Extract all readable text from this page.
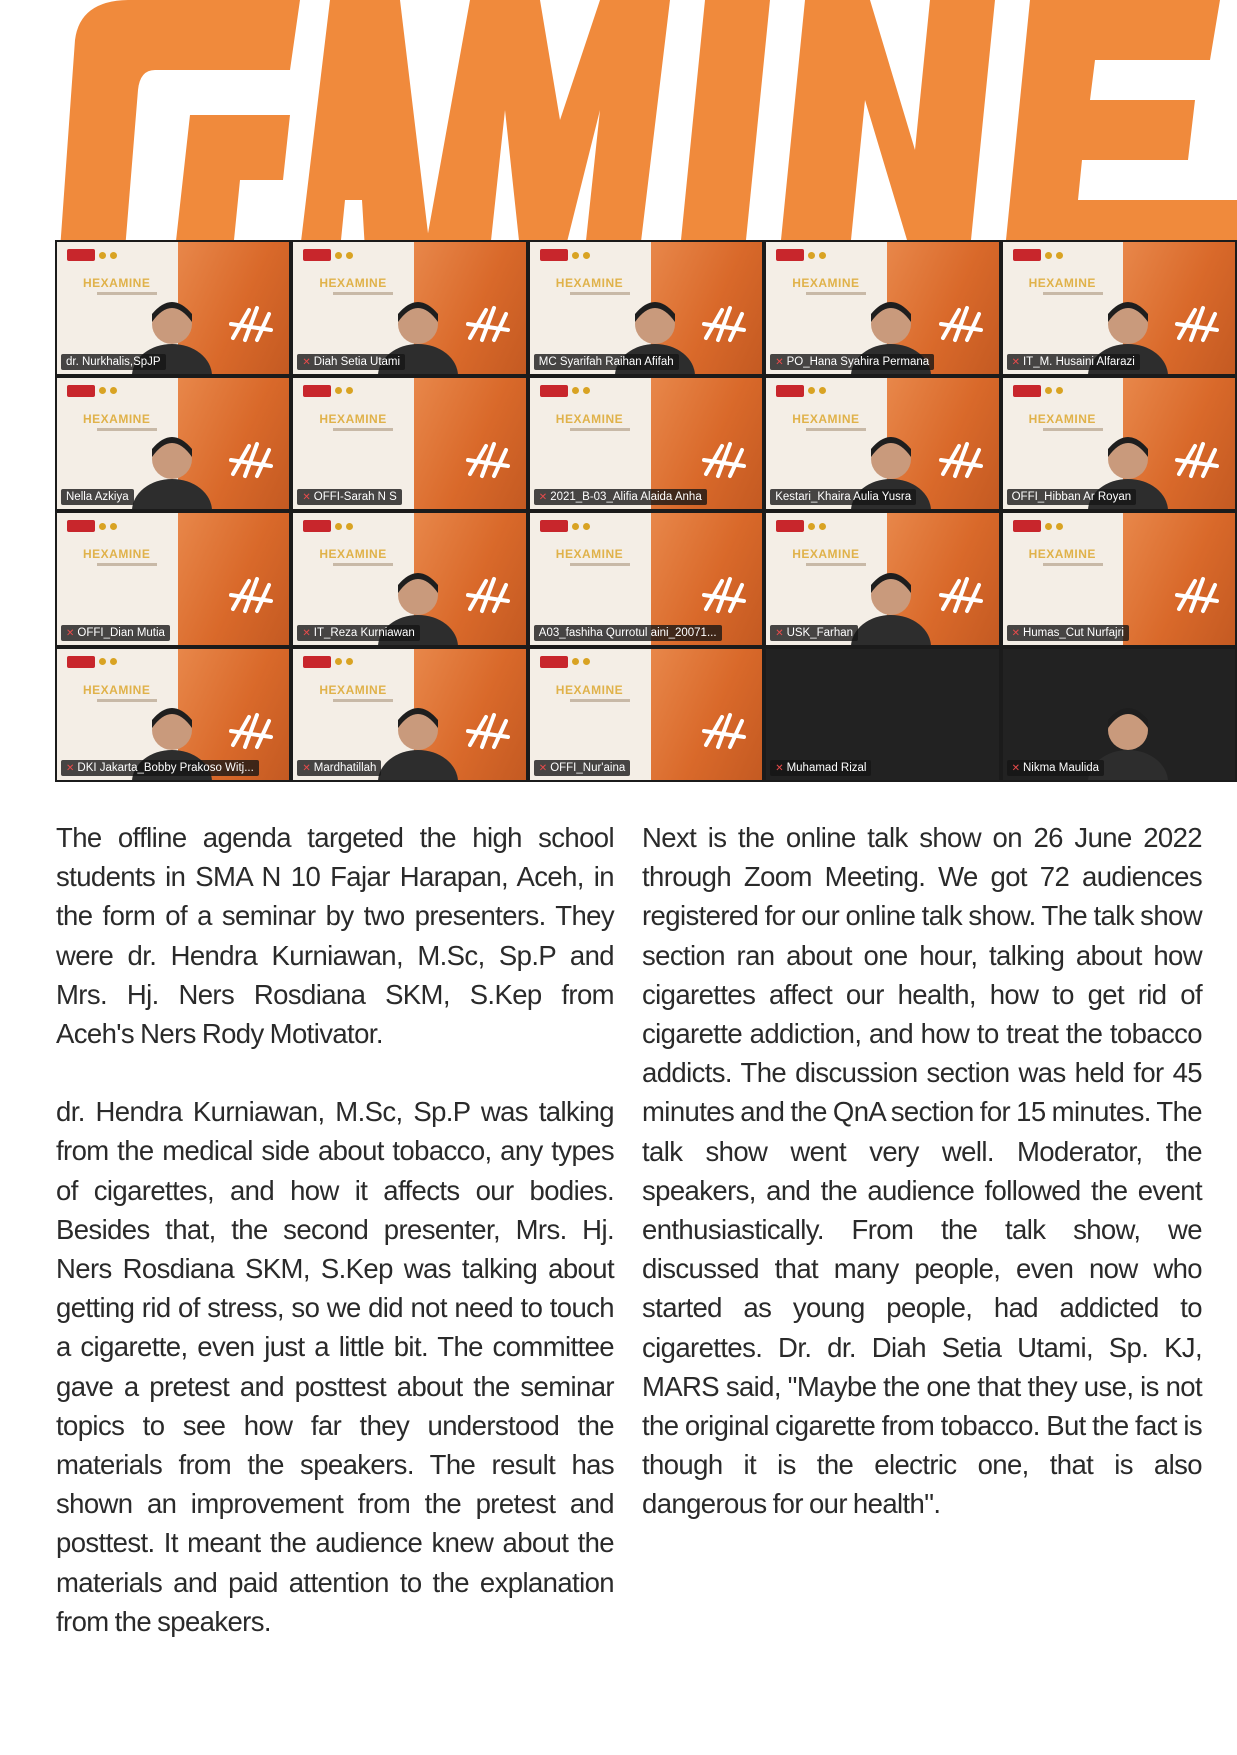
HEXAMINE
dr. Nurkhalis,SpJP
HEXAMINE
✕ Diah Setia Utami
HEXAMINE
MC Syarifah Raihan Afifah
HEXAMINE
✕ PO_Hana Syahira Permana
HEXAMINE
✕ IT_M. Husaini Alfarazi
HEXAMINE
Nella Azkiya
HEXAMINE
✕ OFFI-Sarah N S
HEXAMINE
✕ 2021_B-03_Alifia Alaida Anha
HEXAMINE
Kestari_Khaira Aulia Yusra
HEXAMINE
OFFI_Hibban Ar Royan
HEXAMINE
✕ OFFI_Dian Mutia
HEXAMINE
✕ IT_Reza Kurniawan
HEXAMINE
A03_fashiha Qurrotul aini_20071...
HEXAMINE
✕ USK_Farhan
HEXAMINE
✕ Humas_Cut Nurfajri
HEXAMINE
✕ DKI Jakarta_Bobby Prakoso Witj...
HEXAMINE
✕ Mardhatillah
HEXAMINE
✕ OFFI_Nur'aina	✕ Muhamad Rizal	✕ Nikma Maulida

The offline agenda targeted the high school students in SMA N 10 Fajar Harapan, Aceh, in the form of a seminar by two presenters. They were dr. Hendra Kurniawan, M.Sc, Sp.P and Mrs. Hj. Ners Rosdiana SKM, S.Kep from Aceh's Ners Rody Motivator.

dr. Hendra Kurniawan, M.Sc, Sp.P was talking from the medical side about tobacco, any types of cigarettes, and how it affects our bodies. Besides that, the second presenter, Mrs. Hj. Ners Rosdiana SKM, S.Kep was talking about getting rid of stress, so we did not need to touch a cigarette, even just a little bit. The committee gave a pretest and posttest about the seminar topics to see how far they understood the materials from the speakers. The result has shown an improvement from the pretest and posttest. It meant the audience knew about the materials and paid attention to the explanation from the speakers.

Next is the online talk show on 26 June 2022 through Zoom Meeting. We got 72 audiences registered for our online talk show. The talk show section ran about one hour, talking about how cigarettes affect our health, how to get rid of cigarette addiction, and how to treat the tobacco addicts. The discussion section was held for 45 minutes and the QnA section for 15 minutes. The talk show went very well. Moderator, the speakers, and the audience followed the event enthusiastically. From the talk show, we discussed that many people, even now who started as young people, had addicted to cigarettes. Dr. dr. Diah Setia Utami, Sp. KJ, MARS said, "Maybe the one that they use, is not the original cigarette from tobacco. But the fact is though it is the electric one, that is also dangerous for our health".
